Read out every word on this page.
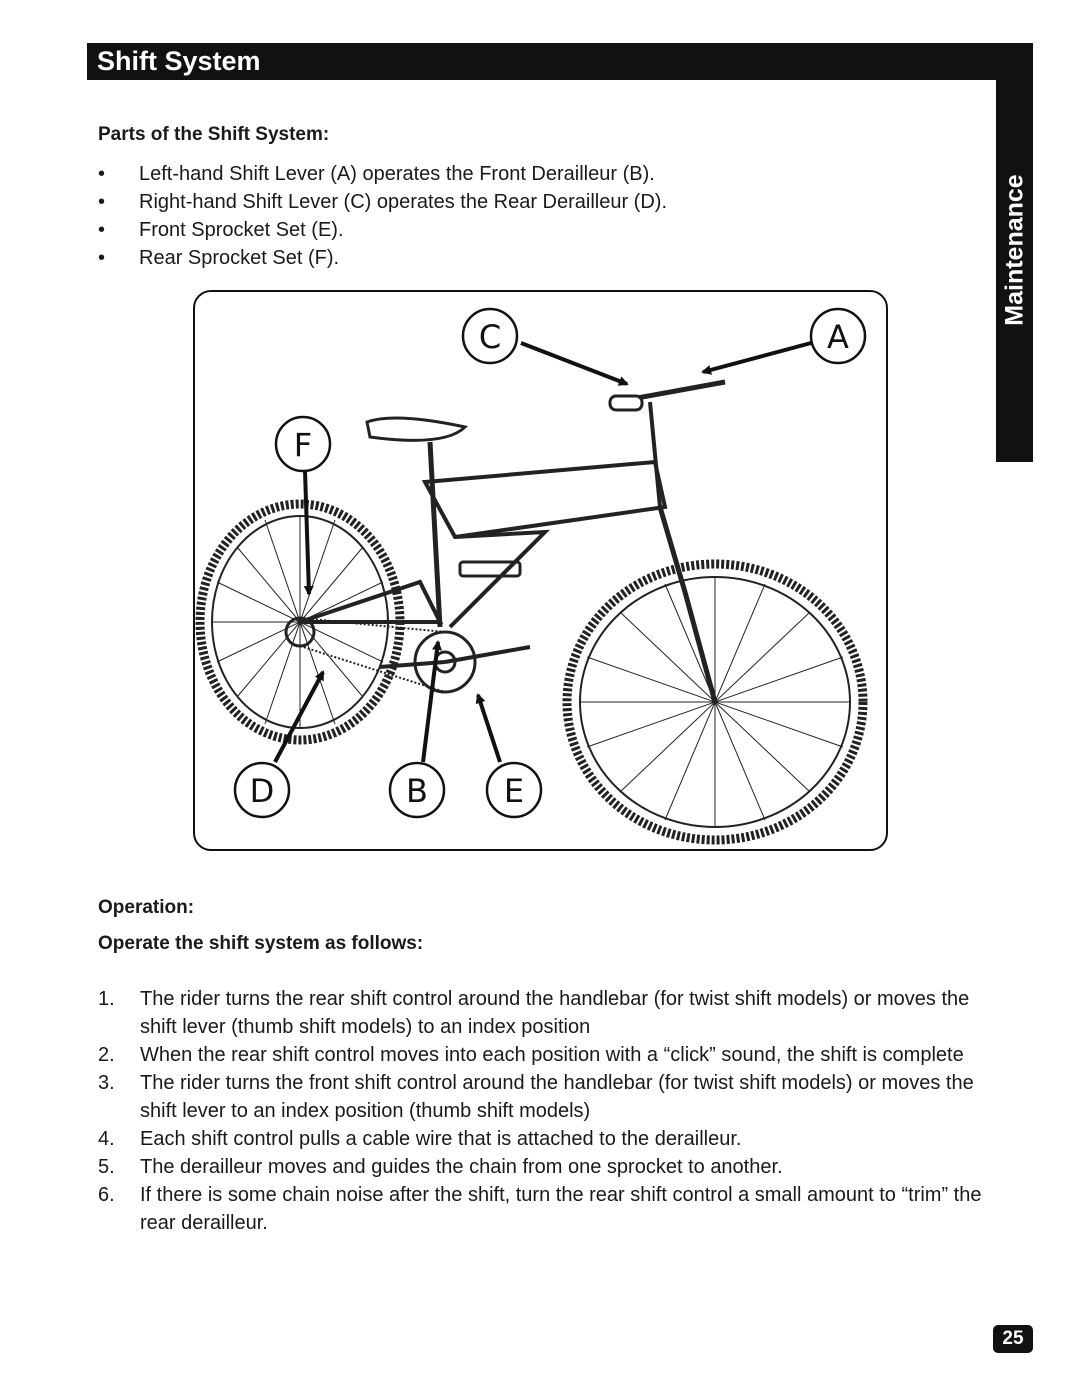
Shift System
Maintenance
Parts of the Shift System:
• Left-hand Shift Lever (A) operates the Front Derailleur (B).
• Right-hand Shift Lever (C) operates the Rear Derailleur (D).
• Front Sprocket Set (E).
• Rear Sprocket Set (F).
C	A
F
D	B E
Operation:
Operate the shift system as follows:
1. The rider turns the rear shift control around the handlebar (for twist shift models) or moves the shift lever (thumb shift models) to an index position
2. When the rear shift control moves into each position with a “click” sound, the shift is complete
3. The rider turns the front shift control around the handlebar (for twist shift models) or moves the shift lever to an index position (thumb shift models)
4. Each shift control pulls a cable wire that is attached to the derailleur.
5. The derailleur moves and guides the chain from one sprocket to another.
6. If there is some chain noise after the shift, turn the rear shift control a small amount to “trim” the rear derailleur.
25
